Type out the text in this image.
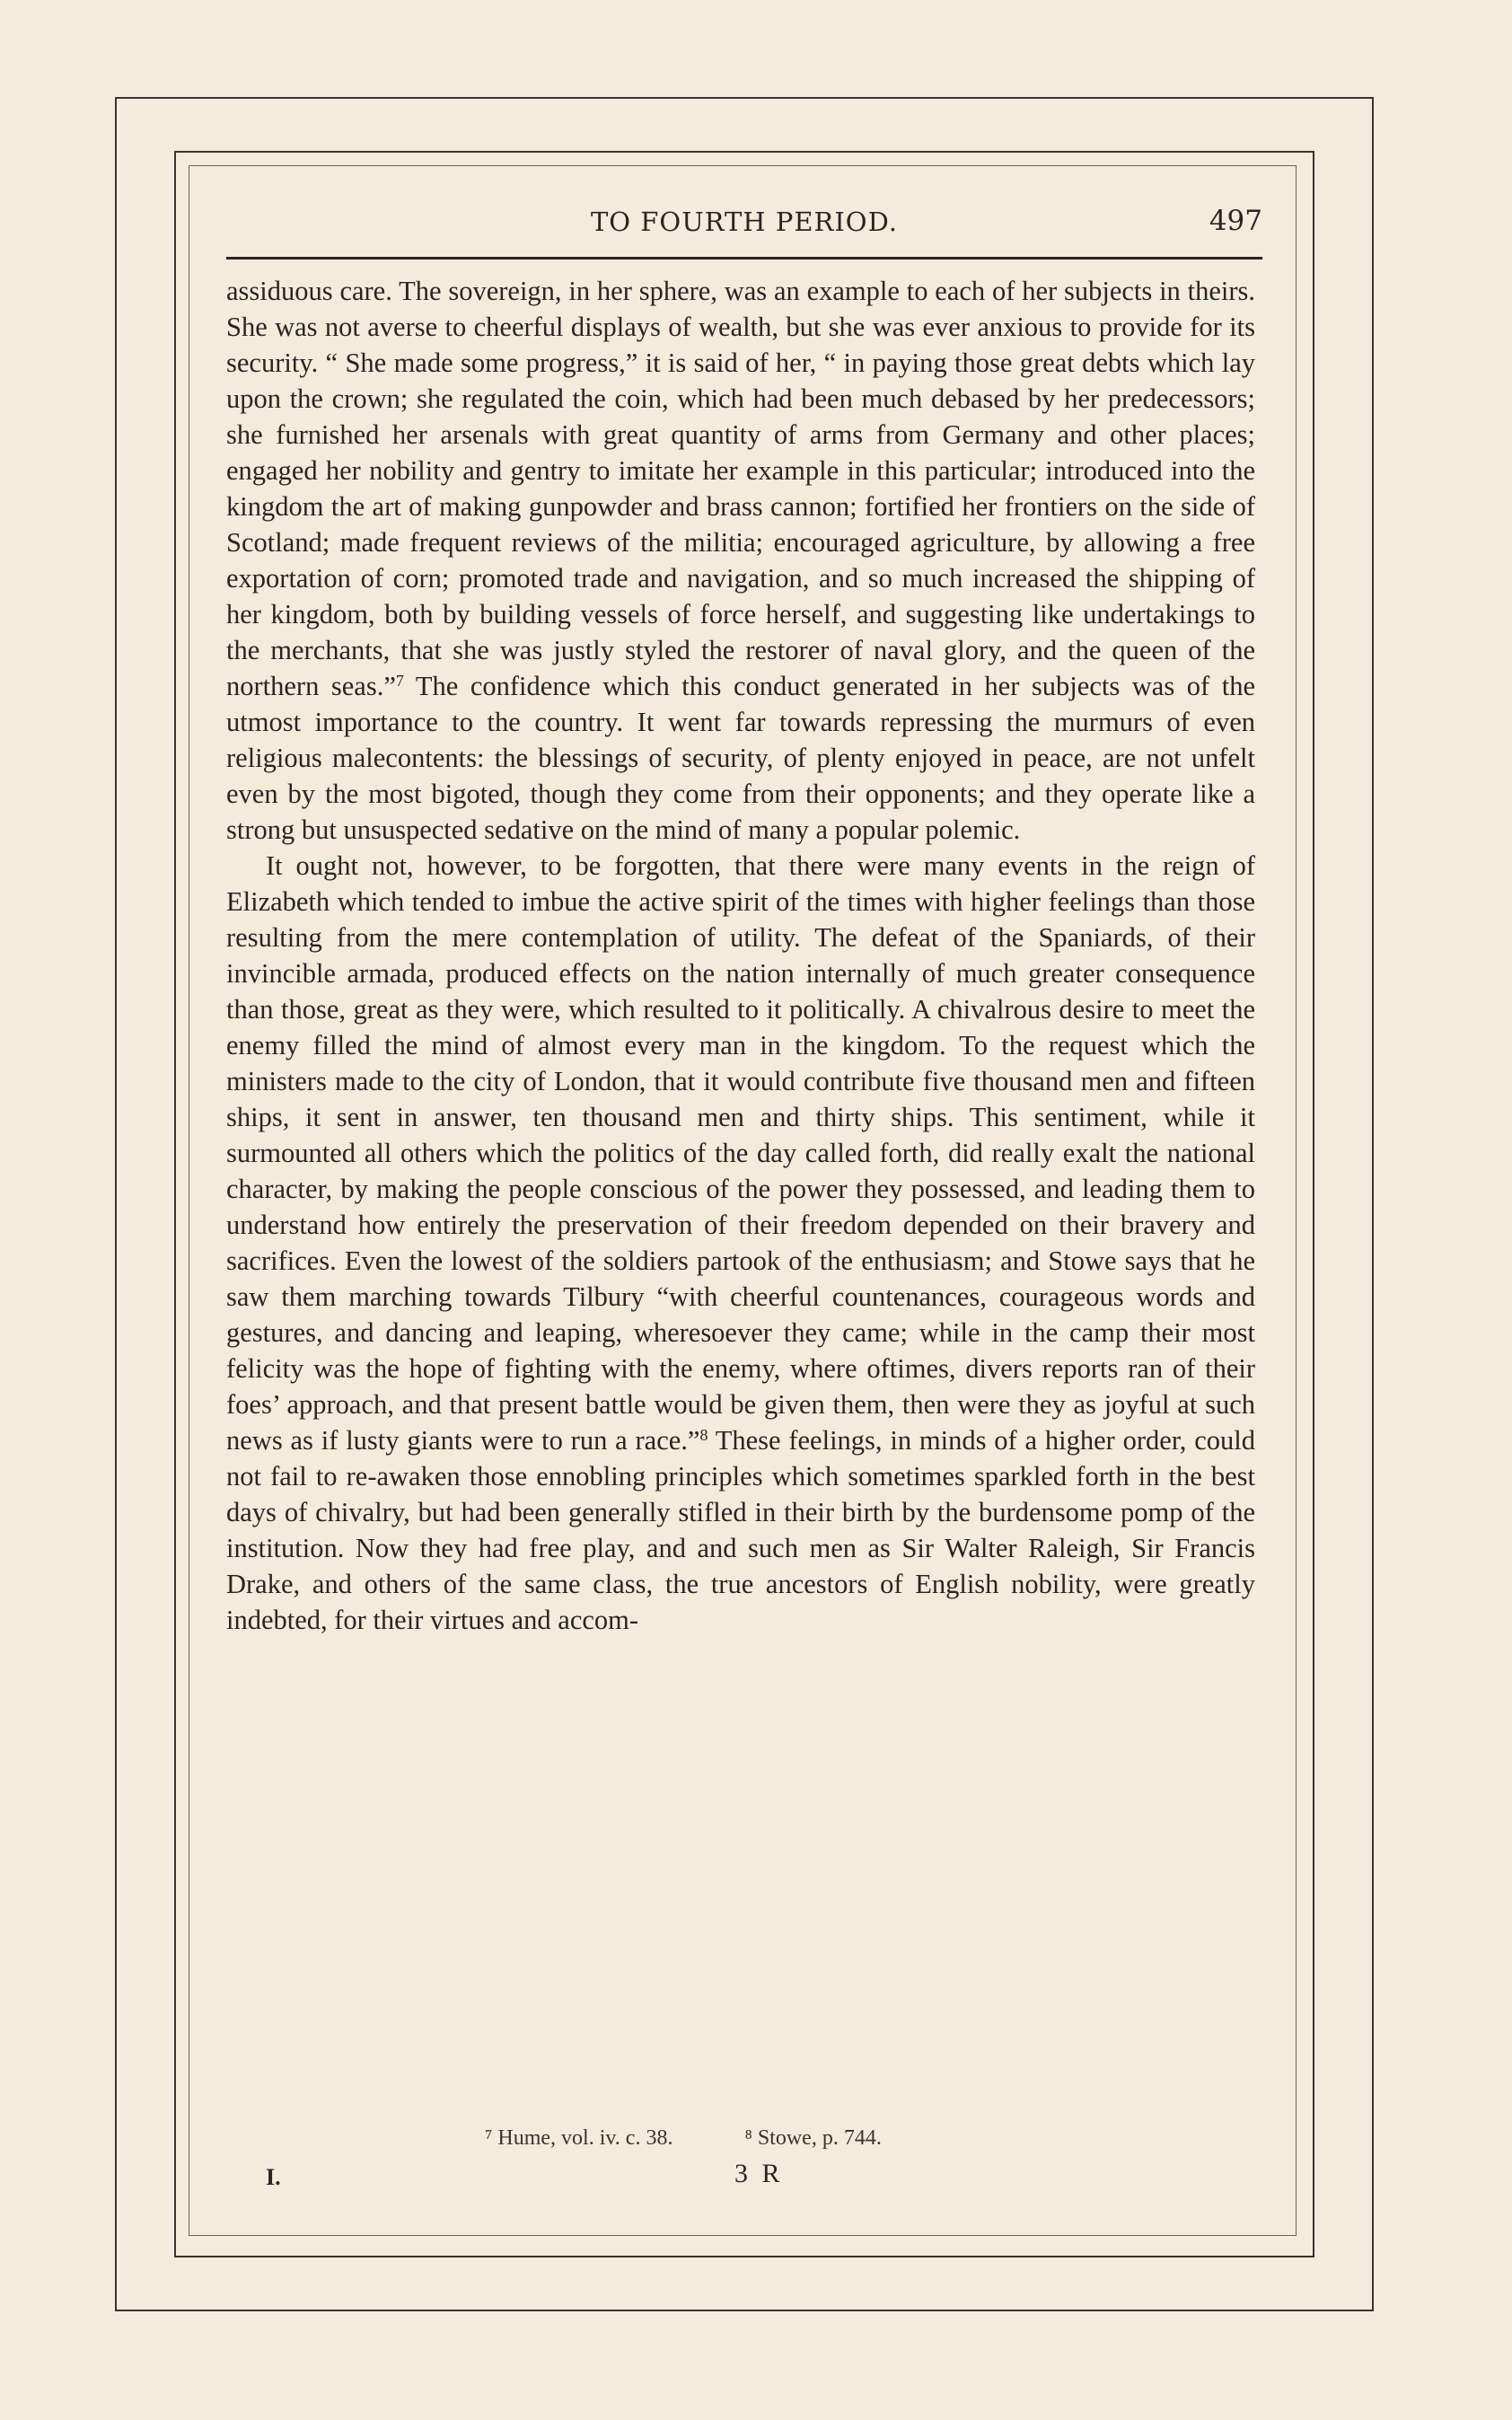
TO FOURTH PERIOD.	497

assiduous care. The sovereign, in her sphere, was an example to each of her subjects in theirs. She was not averse to cheerful displays of wealth, but she was ever anxious to provide for its security. “ She made some progress,” it is said of her, “ in paying those great debts which lay upon the crown; she regulated the coin, which had been much debased by her predecessors; she furnished her arsenals with great quantity of arms from Germany and other places; engaged her nobility and gentry to imitate her example in this particular; introduced into the kingdom the art of making gunpowder and brass cannon; fortified her frontiers on the side of Scotland; made frequent reviews of the militia; encouraged agriculture, by allowing a free exportation of corn; promoted trade and navigation, and so much increased the shipping of her kingdom, both by building vessels of force herself, and suggesting like undertakings to the merchants, that she was justly styled the restorer of naval glory, and the queen of the northern seas.”$^7$ The confidence which this conduct generated in her subjects was of the utmost importance to the country. It went far towards repressing the murmurs of even religious malecontents: the blessings of security, of plenty enjoyed in peace, are not unfelt even by the most bigoted, though they come from their opponents; and they operate like a strong but unsuspected sedative on the mind of many a popular polemic.

It ought not, however, to be forgotten, that there were many events in the reign of Elizabeth which tended to imbue the active spirit of the times with higher feelings than those resulting from the mere contemplation of utility. The defeat of the Spaniards, of their invincible armada, produced effects on the nation internally of much greater consequence than those, great as they were, which resulted to it politically. A chivalrous desire to meet the enemy filled the mind of almost every man in the kingdom. To the request which the ministers made to the city of London, that it would contribute five thousand men and fifteen ships, it sent in answer, ten thousand men and thirty ships. This sentiment, while it surmounted all others which the politics of the day called forth, did really exalt the national character, by making the people conscious of the power they possessed, and leading them to understand how entirely the preservation of their freedom depended on their bravery and sacrifices. Even the lowest of the soldiers partook of the enthusiasm; and Stowe says that he saw them marching towards Tilbury “with cheerful countenances, courageous words and gestures, and dancing and leaping, wheresoever they came; while in the camp their most felicity was the hope of fighting with the enemy, where oftimes, divers reports ran of their foes’ approach, and that present battle would be given them, then were they as joyful at such news as if lusty giants were to run a race.”$^8$ These feelings, in minds of a higher order, could not fail to re-awaken those ennobling principles which sometimes sparkled forth in the best days of chivalry, but had been generally stifled in their birth by the burdensome pomp of the institution. Now they had free play, and and such men as Sir Walter Raleigh, Sir Francis Drake, and others of the same class, the true ancestors of English nobility, were greatly indebted, for their virtues and accom-

⁷ Hume, vol. iv. c. 38.	⁸ Stowe, p. 744.
I.	3 R
